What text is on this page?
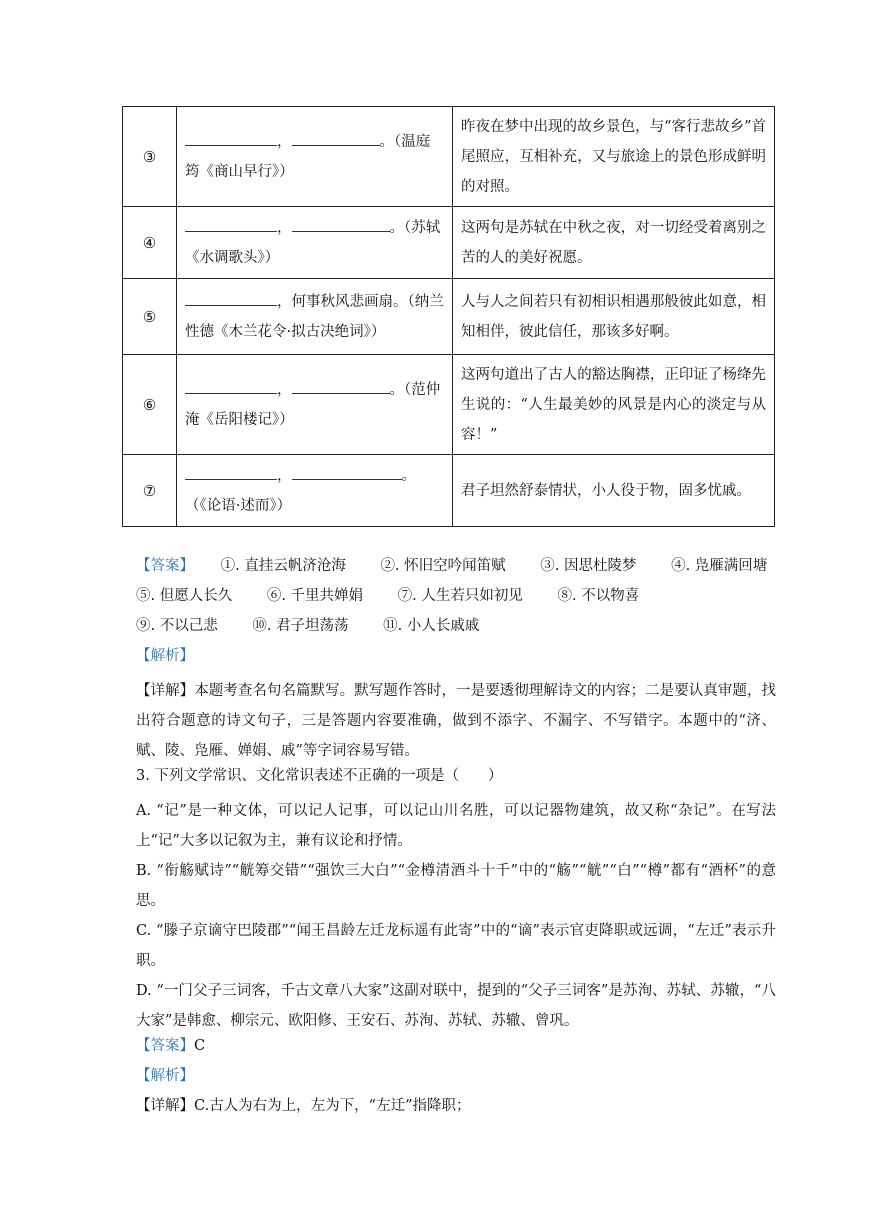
③	， 。（温庭筠《商山早行》）	昨夜在梦中出现的故乡景色，与“客行悲故乡”首尾照应，互相补充，又与旅途上的景色形成鲜明的对照。
④	， 。（苏轼《水调歌头》）	这两句是苏轼在中秋之夜，对一切经受着离别之苦的人的美好祝愿。
⑤	，何事秋风悲画扇。（纳兰性德《木兰花令·拟古决绝词》）	人与人之间若只有初相识相遇那般彼此如意，相知相伴，彼此信任，那该多好啊。
⑥	， 。（范仲淹《岳阳楼记》）	这两句道出了古人的豁达胸襟，正印证了杨绛先生说的：“人生最美妙的风景是内心的淡定与从容！”
⑦	， 。（《论语·述而》）	君子坦然舒泰情状，小人役于物，固多忧戚。
【答案】 ①. 直挂云帆济沧海 ②. 怀旧空吟闻笛赋 ③. 因思杜陵梦 ④. 凫雁满回塘
⑤. 但愿人长久 ⑥. 千里共婵娟 ⑦. 人生若只如初见 ⑧. 不以物喜
⑨. 不以己悲 ⑩. 君子坦荡荡 ⑪. 小人长戚戚
【解析】
【详解】本题考查名句名篇默写。默写题作答时，一是要透彻理解诗文的内容；二是要认真审题，找出符合题意的诗文句子，三是答题内容要准确，做到不添字、不漏字、不写错字。本题中的“济、赋、陵、凫雁、婵娟、戚”等字词容易写错。
3. 下列文学常识、文化常识表述不正确的一项是（　　）
A. “记”是一种文体，可以记人记事，可以记山川名胜，可以记器物建筑，故又称“杂记”。在写法上“记”大多以记叙为主，兼有议论和抒情。
B. “衔觞赋诗”“觥筹交错”“强饮三大白”“金樽清酒斗十千”中的“觞”“觥”“白”“樽”都有“酒杯”的意思。
C. “滕子京谪守巴陵郡”“闻王昌龄左迁龙标遥有此寄”中的“谪”表示官吏降职或远调，“左迁”表示升职。
D. “一门父子三词客，千古文章八大家”这副对联中，提到的“父子三词客”是苏洵、苏轼、苏辙，“八大家”是韩愈、柳宗元、欧阳修、王安石、苏洵、苏轼、苏辙、曾巩。
【答案】C
【解析】
【详解】C.古人为右为上，左为下，“左迁”指降职；
